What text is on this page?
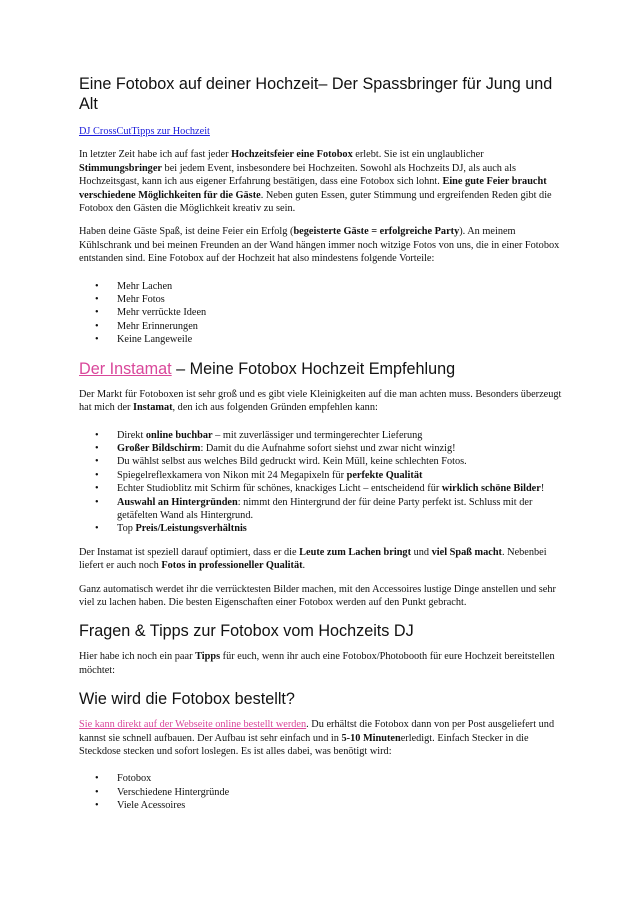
Eine Fotobox auf deiner Hochzeit– Der Spassbringer für Jung und Alt

DJ CrossCutTipps zur Hochzeit

In letzter Zeit habe ich auf fast jeder Hochzeitsfeier eine Fotobox erlebt. Sie ist ein unglaublicher Stimmungsbringer bei jedem Event, insbesondere bei Hochzeiten. Sowohl als Hochzeits DJ, als auch als Hochzeitsgast, kann ich aus eigener Erfahrung bestätigen, dass eine Fotobox sich lohnt. Eine gute Feier braucht verschiedene Möglichkeiten für die Gäste. Neben guten Essen, guter Stimmung und ergreifenden Reden gibt die Fotobox den Gästen die Möglichkeit kreativ zu sein.

Haben deine Gäste Spaß, ist deine Feier ein Erfolg (begeisterte Gäste = erfolgreiche Party). An meinem Kühlschrank und bei meinen Freunden an der Wand hängen immer noch witzige Fotos von uns, die in einer Fotobox entstanden sind. Eine Fotobox auf der Hochzeit hat also mindestens folgende Vorteile:

• Mehr Lachen
• Mehr Fotos
• Mehr verrückte Ideen
• Mehr Erinnerungen
• Keine Langeweile
Der Instamat – Meine Fotobox Hochzeit Empfehlung

Der Markt für Fotoboxen ist sehr groß und es gibt viele Kleinigkeiten auf die man achten muss. Besonders überzeugt hat mich der Instamat, den ich aus folgenden Gründen empfehlen kann:

• Direkt online buchbar – mit zuverlässiger und termingerechter Lieferung
• Großer Bildschirm: Damit du die Aufnahme sofort siehst und zwar nicht winzig!
• Du wählst selbst aus welches Bild gedruckt wird. Kein Müll, keine schlechten Fotos.
• Spiegelreflexkamera von Nikon mit 24 Megapixeln für perfekte Qualität
• Echter Studioblitz mit Schirm für schönes, knackiges Licht – entscheidend für wirklich schöne Bilder!
• Auswahl an Hintergründen: nimmt den Hintergrund der für deine Party perfekt ist. Schluss mit der getäfelten Wand als Hintergrund.
• Top Preis/Leistungsverhältnis

Der Instamat ist speziell darauf optimiert, dass er die Leute zum Lachen bringt und viel Spaß macht. Nebenbei liefert er auch noch Fotos in professioneller Qualität.

Ganz automatisch werdet ihr die verrücktesten Bilder machen, mit den Accessoires lustige Dinge anstellen und sehr viel zu lachen haben. Die besten Eigenschaften einer Fotobox werden auf den Punkt gebracht.

Fragen & Tipps zur Fotobox vom Hochzeits DJ

Hier habe ich noch ein paar Tipps für euch, wenn ihr auch eine Fotobox/Photobooth für eure Hochzeit bereitstellen möchtet:

Wie wird die Fotobox bestellt?

Sie kann direkt auf der Webseite online bestellt werden. Du erhältst die Fotobox dann von per Post ausgeliefert und kannst sie schnell aufbauen. Der Aufbau ist sehr einfach und in 5-10 Minutenerledigt. Einfach Stecker in die Steckdose stecken und sofort loslegen. Es ist alles dabei, was benötigt wird:

• Fotobox
• Verschiedene Hintergründe
• Viele Acessoires
